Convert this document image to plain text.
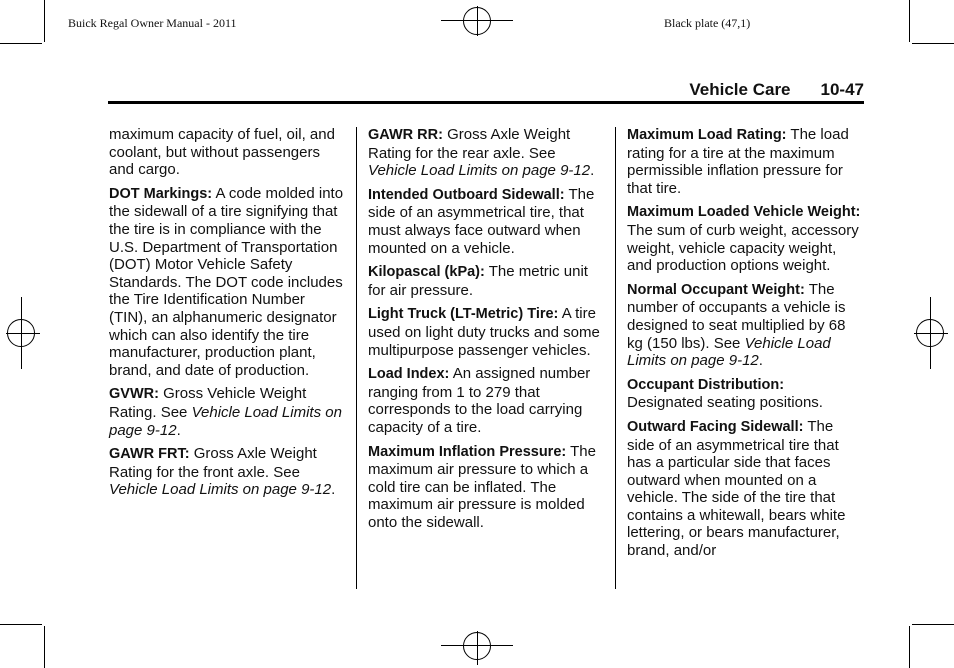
Buick Regal Owner Manual - 2011	Black plate (47,1)
Vehicle Care 10-47

maximum capacity of fuel, oil, and coolant, but without passengers and cargo.

DOT Markings: A code molded into the sidewall of a tire signifying that the tire is in compliance with the U.S. Department of Transportation (DOT) Motor Vehicle Safety Standards. The DOT code includes the Tire Identification Number (TIN), an alphanumeric designator which can also identify the tire manufacturer, production plant, brand, and date of production.

GVWR: Gross Vehicle Weight Rating. See Vehicle Load Limits on page 9-12.

GAWR FRT: Gross Axle Weight Rating for the front axle. See Vehicle Load Limits on page 9-12.

GAWR RR: Gross Axle Weight Rating for the rear axle. See Vehicle Load Limits on page 9-12.

Intended Outboard Sidewall: The side of an asymmetrical tire, that must always face outward when mounted on a vehicle.

Kilopascal (kPa): The metric unit for air pressure.

Light Truck (LT-Metric) Tire: A tire used on light duty trucks and some multipurpose passenger vehicles.

Load Index: An assigned number ranging from 1 to 279 that corresponds to the load carrying capacity of a tire.

Maximum Inflation Pressure: The maximum air pressure to which a cold tire can be inflated. The maximum air pressure is molded onto the sidewall.

Maximum Load Rating: The load rating for a tire at the maximum permissible inflation pressure for that tire.

Maximum Loaded Vehicle Weight: The sum of curb weight, accessory weight, vehicle capacity weight, and production options weight.

Normal Occupant Weight: The number of occupants a vehicle is designed to seat multiplied by 68 kg (150 lbs). See Vehicle Load Limits on page 9-12.

Occupant Distribution: Designated seating positions.

Outward Facing Sidewall: The side of an asymmetrical tire that has a particular side that faces outward when mounted on a vehicle. The side of the tire that contains a whitewall, bears white lettering, or bears manufacturer, brand, and/or
